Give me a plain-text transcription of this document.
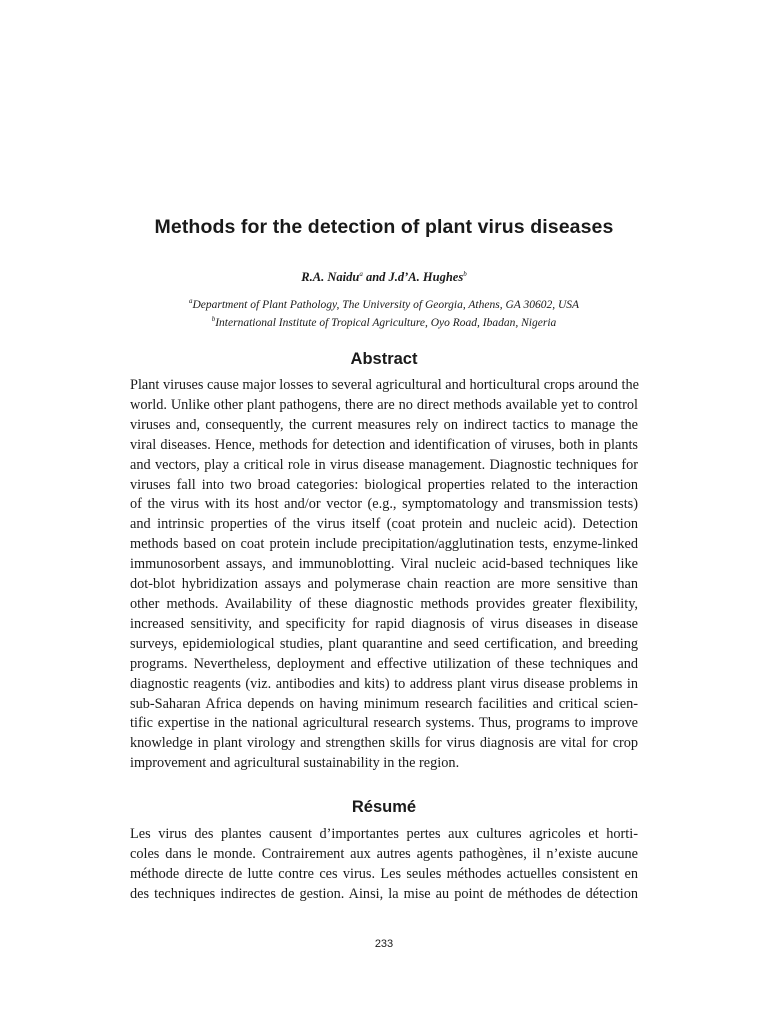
Methods for the detection of plant virus diseases
R.A. Naidu$^a$ and J.d’A. Hughes$^b$
$^a$Department of Plant Pathology, The University of Georgia, Athens, GA 30602, USA
$^b$International Institute of Tropical Agriculture, Oyo Road, Ibadan, Nigeria
Abstract
Plant viruses cause major losses to several agricultural and horticultural crops around the
world. Unlike other plant pathogens, there are no direct methods available yet to control
viruses and, consequently, the current measures rely on indirect tactics to manage the
viral diseases. Hence, methods for detection and identification of viruses, both in plants
and vectors, play a critical role in virus disease management. Diagnostic techniques for
viruses fall into two broad categories: biological properties related to the interaction
of the virus with its host and/or vector (e.g., symptomatology and transmission tests)
and intrinsic properties of the virus itself (coat protein and nucleic acid). Detection
methods based on coat protein include precipitation/agglutination tests, enzyme-linked
immunosorbent assays, and immunoblotting. Viral nucleic acid-based techniques like
dot-blot hybridization assays and polymerase chain reaction are more sensitive than
other methods. Availability of these diagnostic methods provides greater flexibility,
increased sensitivity, and specificity for rapid diagnosis of virus diseases in disease
surveys, epidemiological studies, plant quarantine and seed certification, and breeding
programs. Nevertheless, deployment and effective utilization of these techniques and
diagnostic reagents (viz. antibodies and kits) to address plant virus disease problems in
sub-Saharan Africa depends on having minimum research facilities and critical scien-
tific expertise in the national agricultural research systems. Thus, programs to improve
knowledge in plant virology and strengthen skills for virus diagnosis are vital for crop
improvement and agricultural sustainability in the region.
Résumé
Les virus des plantes causent d’importantes pertes aux cultures agricoles et horti-
coles dans le monde. Contrairement aux autres agents pathogènes, il n’existe aucune
méthode directe de lutte contre ces virus. Les seules méthodes actuelles consistent en
des techniques indirectes de gestion. Ainsi, la mise au point de méthodes de détection
233
